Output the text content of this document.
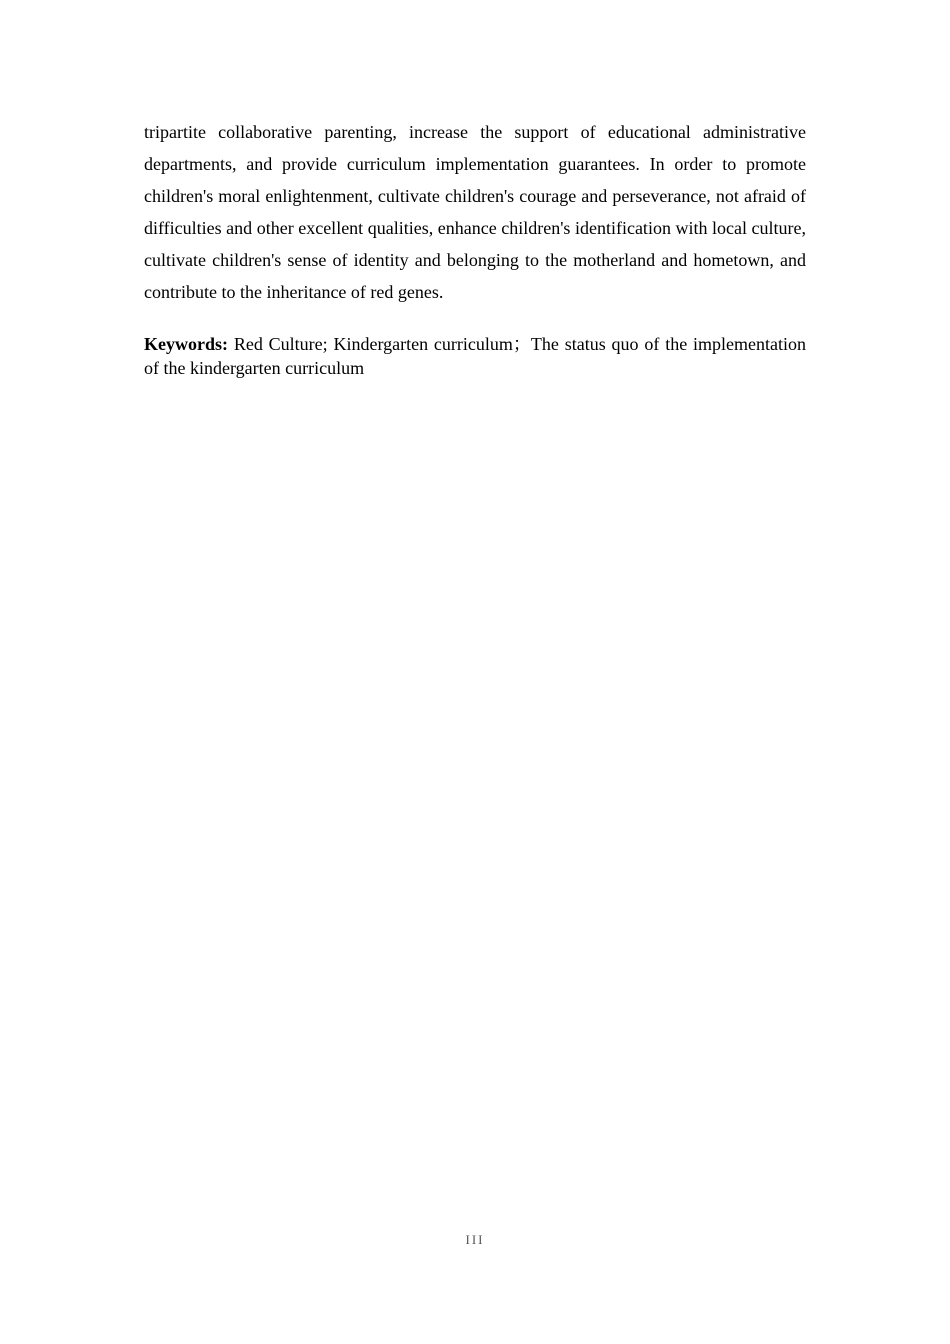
tripartite collaborative parenting, increase the support of educational administrative departments, and provide curriculum implementation guarantees. In order to promote children's moral enlightenment, cultivate children's courage and perseverance, not afraid of difficulties and other excellent qualities, enhance children's identification with local culture, cultivate children's sense of identity and belonging to the motherland and hometown, and contribute to the inheritance of red genes.

Keywords: Red Culture; Kindergarten curriculum；The status quo of the implementation of the kindergarten curriculum

III
